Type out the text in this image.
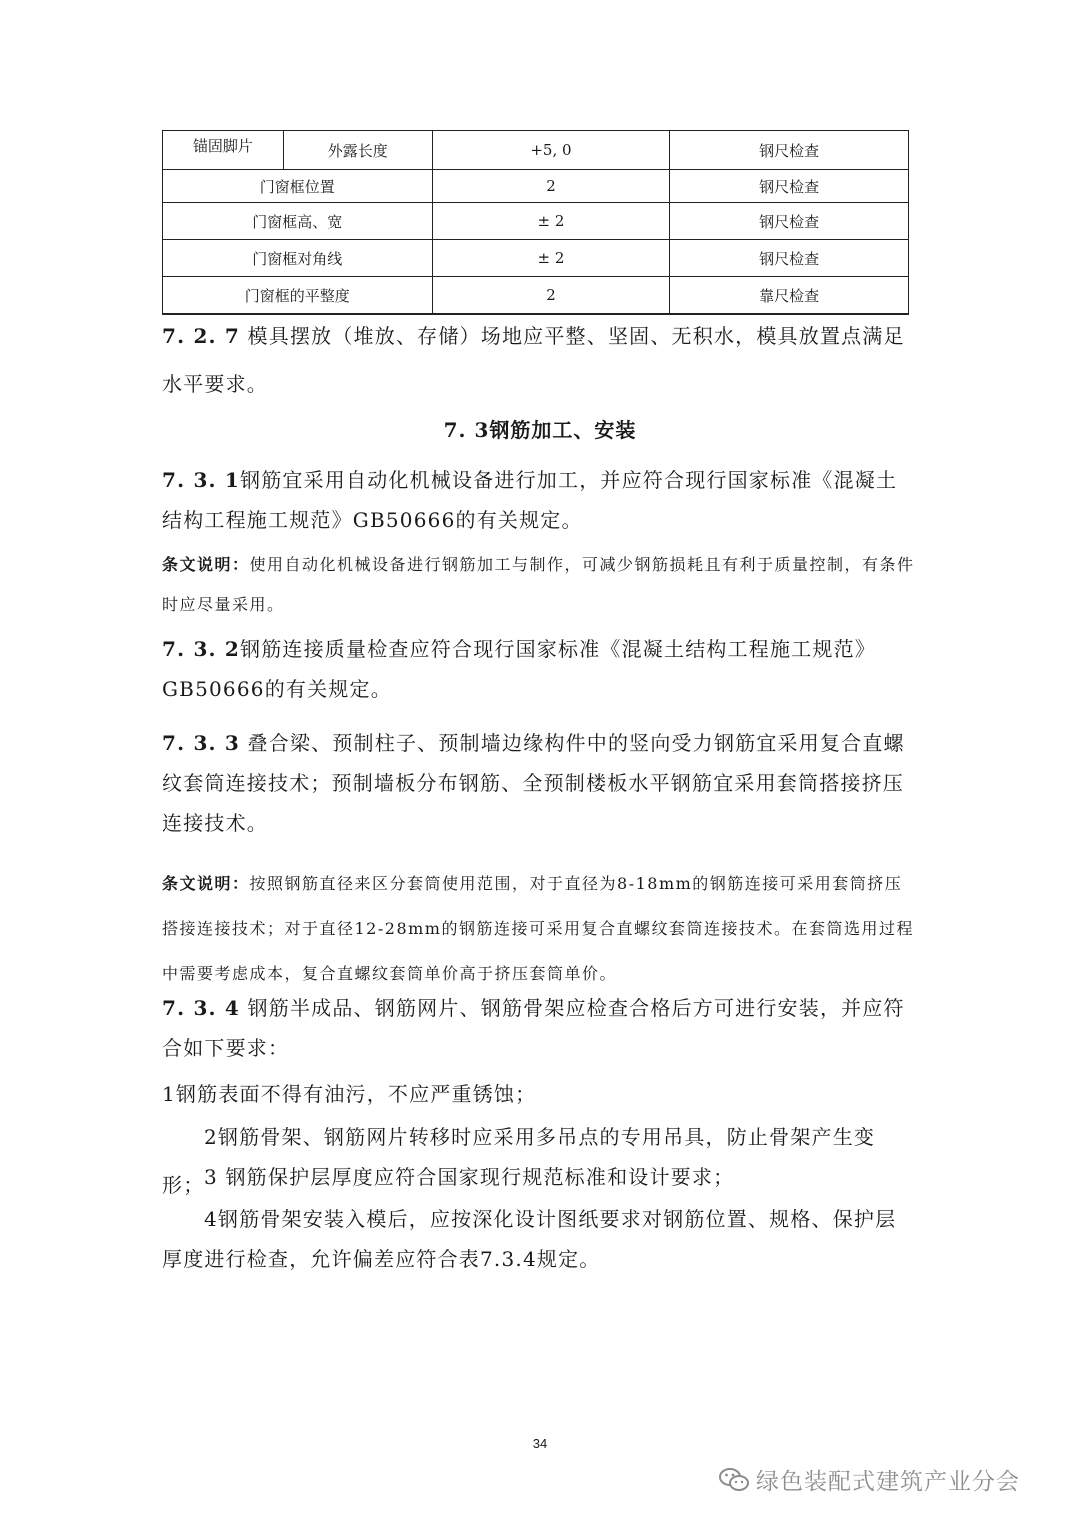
锚固脚片	外露长度	+5, 0	钢尺检查
门窗框位置		2	钢尺检查
门窗框高、宽		± 2	钢尺检查
门窗框对角线		± 2	钢尺检查
门窗框的平整度		2	靠尺检查

7. 2. 7 模具摆放（堆放、存储）场地应平整、坚固、无积水，模具放置点满足水平要求。

7. 3钢筋加工、安装

7. 3. 1钢筋宜采用自动化机械设备进行加工，并应符合现行国家标准《混凝土结构工程施工规范》GB50666的有关规定。

条文说明：使用自动化机械设备进行钢筋加工与制作，可减少钢筋损耗且有利于质量控制，有条件时应尽量采用。

7. 3. 2钢筋连接质量检查应符合现行国家标准《混凝土结构工程施工规范》GB50666的有关规定。

7. 3. 3 叠合梁、预制柱子、预制墙边缘构件中的竖向受力钢筋宜采用复合直螺纹套筒连接技术；预制墙板分布钢筋、全预制楼板水平钢筋宜采用套筒搭接挤压连接技术。

条文说明：按照钢筋直径来区分套筒使用范围，对于直径为8-18mm的钢筋连接可采用套筒挤压搭接连接技术；对于直径12-28mm的钢筋连接可采用复合直螺纹套筒连接技术。在套筒选用过程中需要考虑成本，复合直螺纹套筒单价高于挤压套筒单价。

7. 3. 4 钢筋半成品、钢筋网片、钢筋骨架应检查合格后方可进行安装，并应符合如下要求：

1钢筋表面不得有油污，不应严重锈蚀；

2钢筋骨架、钢筋网片转移时应采用多吊点的专用吊具，防止骨架产生变形； 3 钢筋保护层厚度应符合国家现行规范标准和设计要求；

4钢筋骨架安装入模后，应按深化设计图纸要求对钢筋位置、规格、保护层厚度进行检查，允许偏差应符合表7.3.4规定。

34
绿色装配式建筑产业分会
